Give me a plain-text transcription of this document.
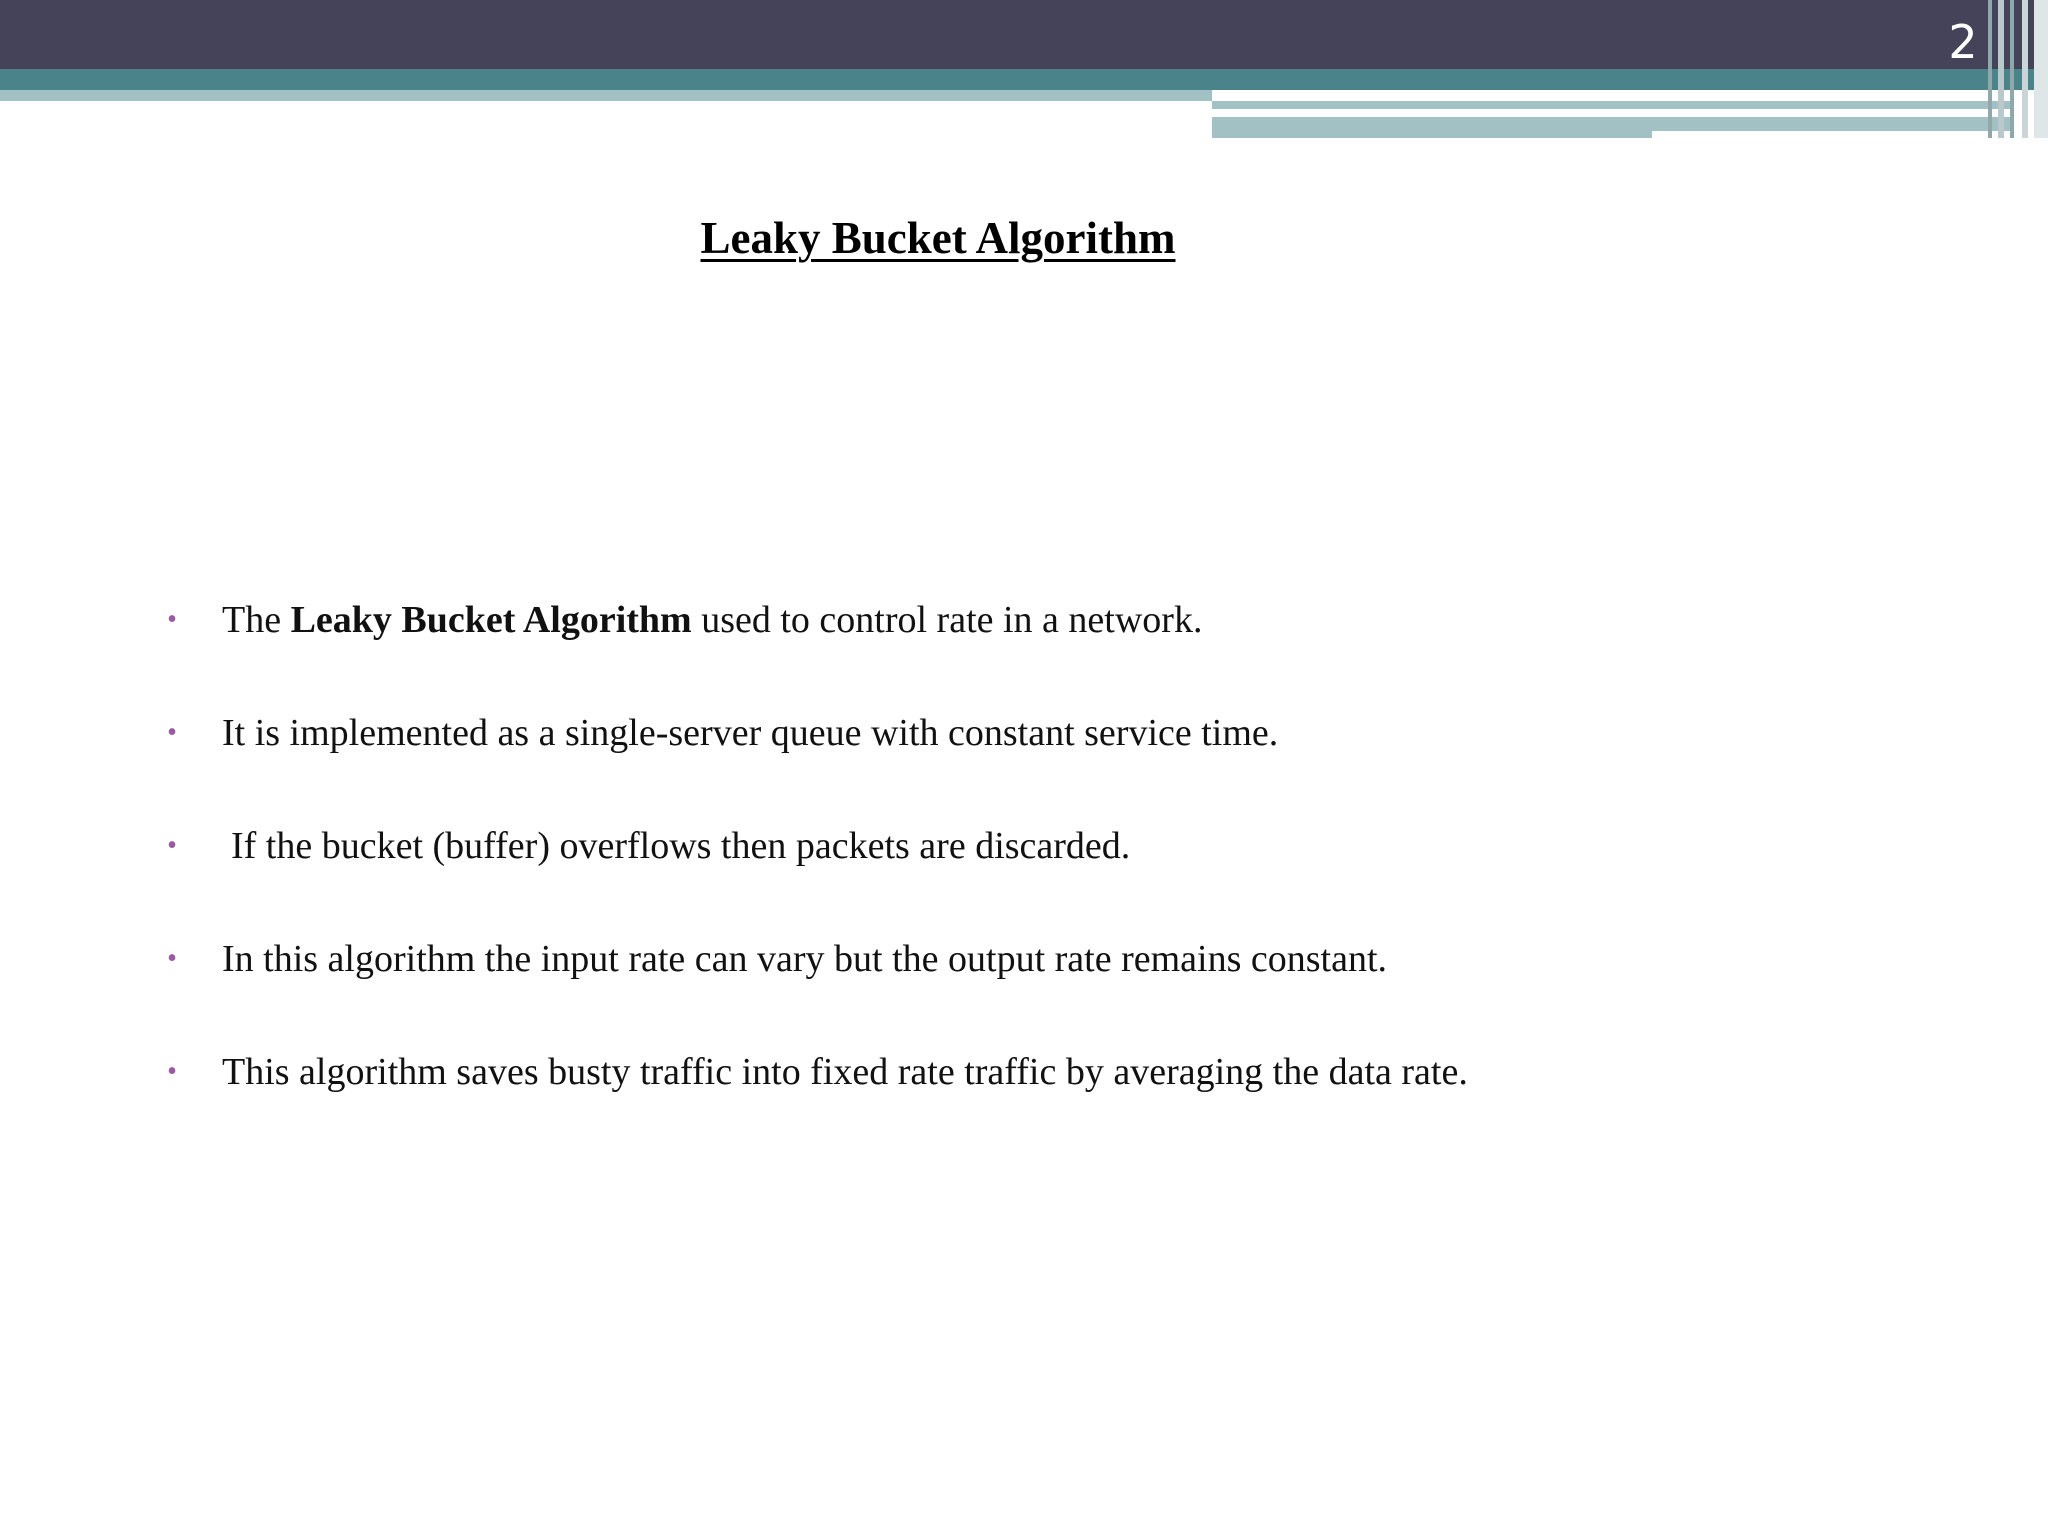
2
Leaky Bucket Algorithm
• The Leaky Bucket Algorithm used to control rate in a network.
• It is implemented as a single-server queue with constant service time.
• If the bucket (buffer) overflows then packets are discarded.
• In this algorithm the input rate can vary but the output rate remains constant.
• This algorithm saves busty traffic into fixed rate traffic by averaging the data rate.
